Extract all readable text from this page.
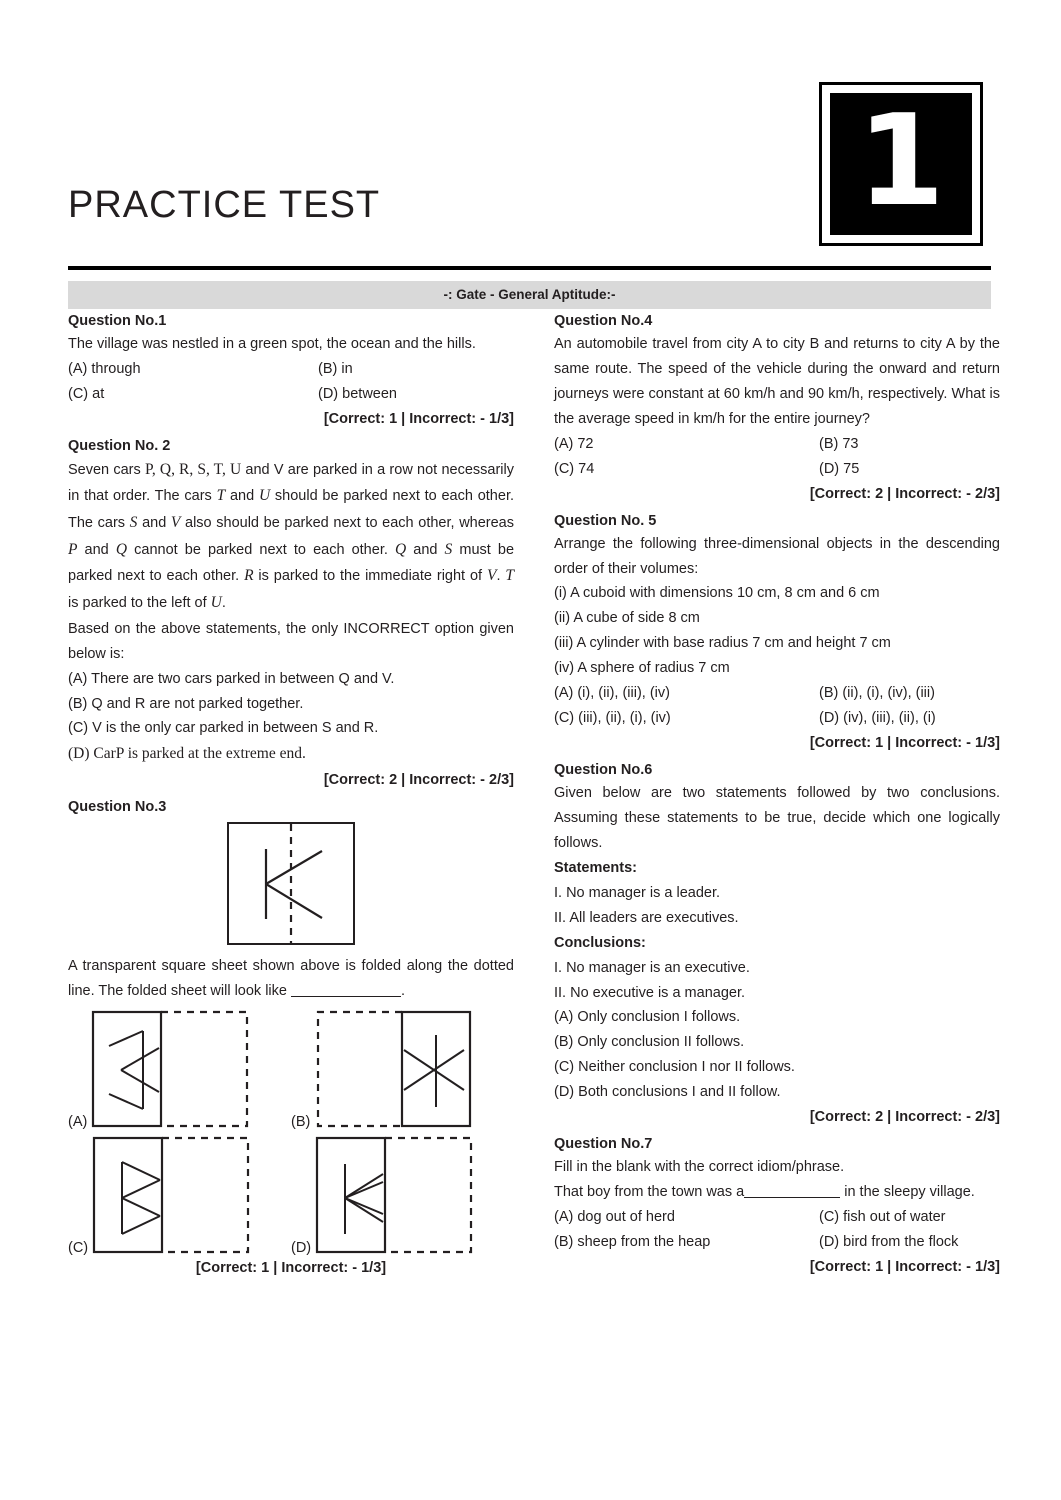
PRACTICE TEST	1
-: Gate - General Aptitude:-
Question No.1
The village was nestled in a green spot, the ocean and the hills.
(A) through	(B) in
(C) at	(D) between
[Correct: 1 | Incorrect: - 1/3]
Question No. 2
Seven cars P, Q, R, S, T, U and V are parked in a row not necessarily in that order. The cars T and U should be parked next to each other. The cars S and V also should be parked next to each other, whereas P and Q cannot be parked next to each other. Q and S must be parked next to each other. R is parked to the immediate right of V. T is parked to the left of U.
Based on the above statements, the only INCORRECT option given below is:
(A) There are two cars parked in between Q and V.
(B) Q and R are not parked together.
(C) V is the only car parked in between S and R.
(D) CarP is parked at the extreme end.
[Correct: 2 | Incorrect: - 2/3]
Question No.3
A transparent square sheet shown above is folded along the dotted line. The folded sheet will look like	.
(A)	(B)
(C)	(D)
[Correct: 1 | Incorrect: - 1/3]
Question No.4
An automobile travel from city A to city B and returns to city A by the same route. The speed of the vehicle during the onward and return journeys were constant at 60 km/h and 90 km/h, respectively. What is the average speed in km/h for the entire journey?
(A) 72	(B) 73
(C) 74	(D) 75
[Correct: 2 | Incorrect: - 2/3]
Question No. 5
Arrange the following three-dimensional objects in the descending order of their volumes:
(i) A cuboid with dimensions 10 cm, 8 cm and 6 cm
(ii) A cube of side 8 cm
(iii) A cylinder with base radius 7 cm and height 7 cm
(iv) A sphere of radius 7 cm
(A) (i), (ii), (iii), (iv)	(B) (ii), (i), (iv), (iii)
(C) (iii), (ii), (i), (iv)	(D) (iv), (iii), (ii), (i)
[Correct: 1 | Incorrect: - 1/3]
Question No.6
Given below are two statements followed by two conclusions. Assuming these statements to be true, decide which one logically follows.
Statements:
I. No manager is a leader.
II. All leaders are executives.
Conclusions:
I. No manager is an executive.
II. No executive is a manager.
(A) Only conclusion I follows.
(B) Only conclusion II follows.
(C) Neither conclusion I nor II follows.
(D) Both conclusions I and II follow.
[Correct: 2 | Incorrect: - 2/3]
Question No.7
Fill in the blank with the correct idiom/phrase.
That boy from the town was a	in the sleepy village.
(A) dog out of herd	(C) fish out of water
(B) sheep from the heap	(D) bird from the flock
[Correct: 1 | Incorrect: - 1/3]
